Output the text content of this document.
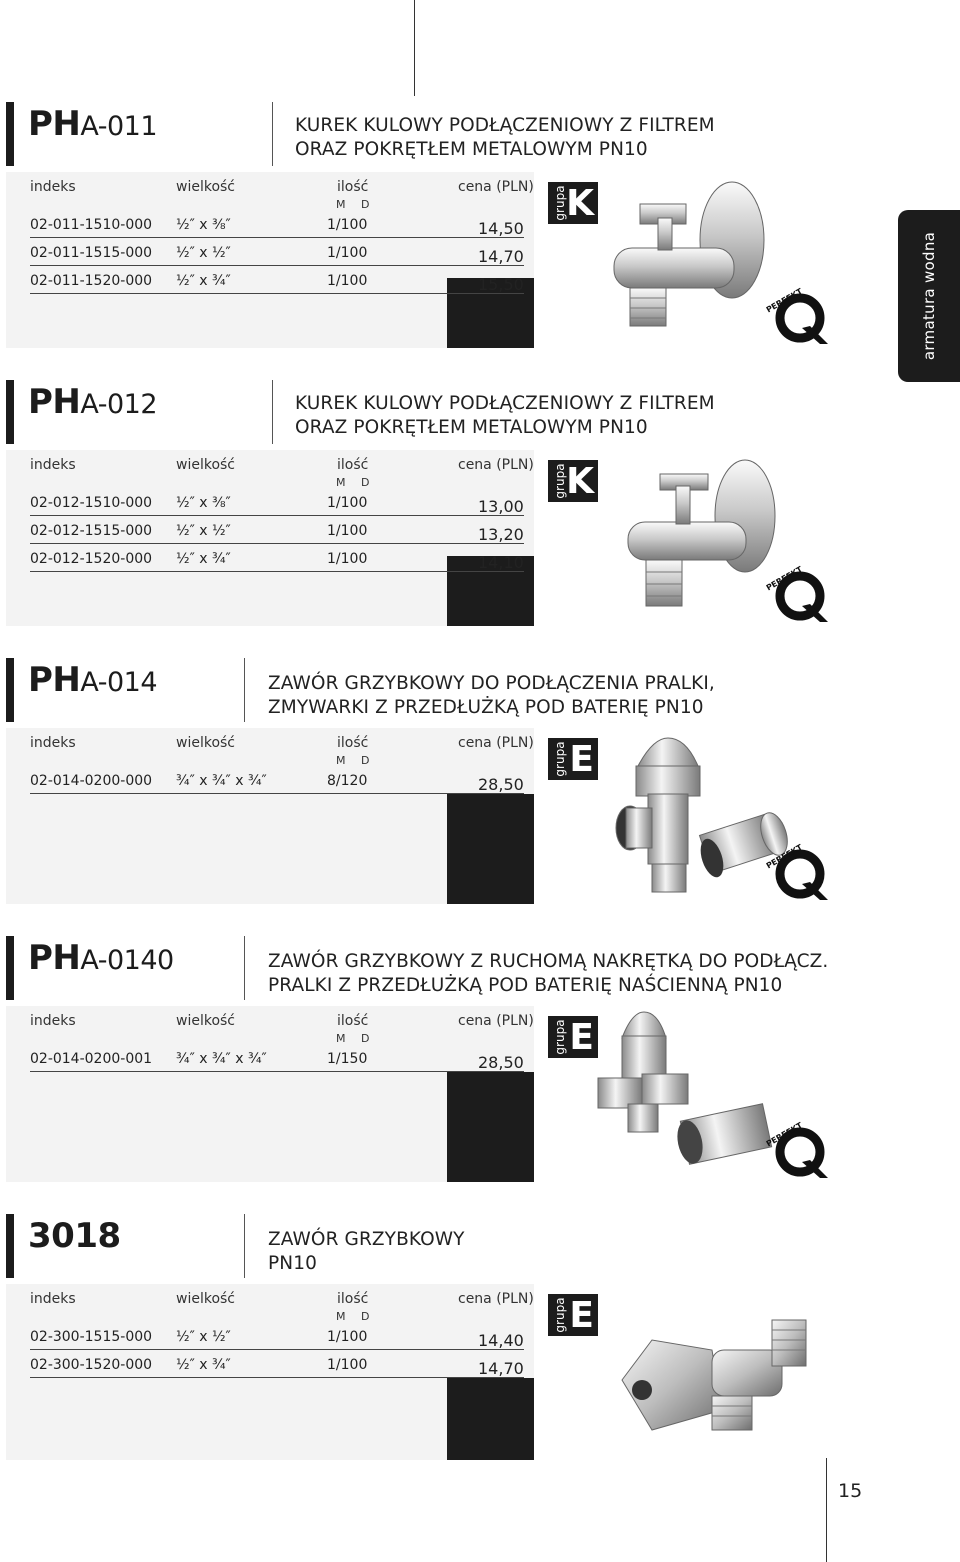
armatura wodna
PHA-011	KUREK KULOWY PODŁĄCZENIOWY Z FILTREM
ORAZ POKRĘTŁEM METALOWYM PN10
indeks	wielkość	ilość
M D
cena (PLN)
02-011-1510-000 ½″ x ⅜″	1/100	14,50
02-011-1515-000 ½″ x ½″	1/100	14,70
02-011-1520-000 ½″ x ¾″	1/100	15,50
grupa K
PERFEKT
PHA-012	KUREK KULOWY PODŁĄCZENIOWY Z FILTREM
ORAZ POKRĘTŁEM METALOWYM PN10
indeks	wielkość	ilość
M D
cena (PLN)
02-012-1510-000 ½″ x ⅜″	1/100	13,00
02-012-1515-000 ½″ x ½″	1/100	13,20
02-012-1520-000 ½″ x ¾″	1/100	14,10
grupa K
PERFEKT
PHA-014	ZAWÓR GRZYBKOWY DO PODŁĄCZENIA PRALKI,
ZMYWARKI Z PRZEDŁUŻKĄ POD BATERIĘ PN10
indeks	wielkość	ilość
M D
cena (PLN)
02-014-0200-000 ¾″ x ¾″ x ¾″	8/120	28,50
grupa E
PERFEKT
PHA-0140	ZAWÓR GRZYBKOWY Z RUCHOMĄ NAKRĘTKĄ DO PODŁĄCZ.
PRALKI Z PRZEDŁUŻKĄ POD BATERIĘ NAŚCIENNĄ PN10
indeks	wielkość	ilość
M D
cena (PLN)
02-014-0200-001 ¾″ x ¾″ x ¾″	1/150	28,50
grupa E
PERFEKT
3018	ZAWÓR GRZYBKOWY
PN10
indeks	wielkość	ilość
M D
cena (PLN)
02-300-1515-000 ½″ x ½″	1/100	14,40
02-300-1520-000 ½″ x ¾″	1/100	14,70
grupa E
15
